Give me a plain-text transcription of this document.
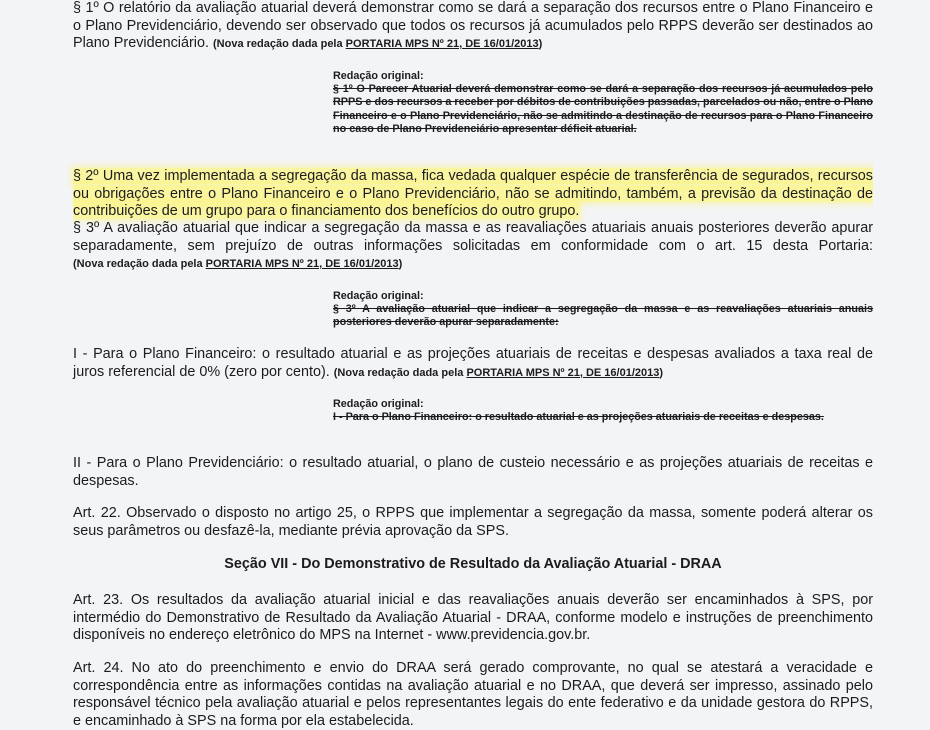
§ 1º O relatório da avaliação atuarial deverá demonstrar como se dará a separação dos recursos entre o Plano Financeiro e o Plano Previdenciário, devendo ser observado que todos os recursos já acumulados pelo RPPS deverão ser destinados ao Plano Previdenciário. (Nova redação dada pela PORTARIA MPS Nº 21, DE 16/01/2013)

Redação original:
§ 1º O Parecer Atuarial deverá demonstrar como se dará a separação dos recursos já acumulados pelo RPPS e dos recursos a receber por débitos de contribuições passadas, parcelados ou não, entre o Plano Financeiro e o Plano Previdenciário, não se admitindo a destinação de recursos para o Plano Financeiro no caso de Plano Previdenciário apresentar déficit atuarial.

§ 2º Uma vez implementada a segregação da massa, fica vedada qualquer espécie de transferência de segurados, recursos ou obrigações entre o Plano Financeiro e o Plano Previdenciário, não se admitindo, também, a previsão da destinação de contribuições de um grupo para o financiamento dos benefícios do outro grupo.

§ 3º A avaliação atuarial que indicar a segregação da massa e as reavaliações atuariais anuais posteriores deverão apurar separadamente, sem prejuízo de outras informações solicitadas em conformidade com o art. 15 desta Portaria: (Nova redação dada pela PORTARIA MPS Nº 21, DE 16/01/2013)

Redação original:
§ 3º A avaliação atuarial que indicar a segregação da massa e as reavaliações atuariais anuais posteriores deverão apurar separadamente:

I - Para o Plano Financeiro: o resultado atuarial e as projeções atuariais de receitas e despesas avaliados a taxa real de juros referencial de 0% (zero por cento). (Nova redação dada pela PORTARIA MPS Nº 21, DE 16/01/2013)

Redação original:
I - Para o Plano Financeiro: o resultado atuarial e as projeções atuariais de receitas e despesas.

II - Para o Plano Previdenciário: o resultado atuarial, o plano de custeio necessário e as projeções atuariais de receitas e despesas.

Art. 22. Observado o disposto no artigo 25, o RPPS que implementar a segregação da massa, somente poderá alterar os seus parâmetros ou desfazê-la, mediante prévia aprovação da SPS.

Seção VII - Do Demonstrativo de Resultado da Avaliação Atuarial - DRAA

Art. 23. Os resultados da avaliação atuarial inicial e das reavaliações anuais deverão ser encaminhados à SPS, por intermédio do Demonstrativo de Resultado da Avaliação Atuarial - DRAA, conforme modelo e instruções de preenchimento disponíveis no endereço eletrônico do MPS na Internet - www.previdencia.gov.br.

Art. 24. No ato do preenchimento e envio do DRAA será gerado comprovante, no qual se atestará a veracidade e correspondência entre as informações contidas na avaliação atuarial e no DRAA, que deverá ser impresso, assinado pelo responsável técnico pela avaliação atuarial e pelos representantes legais do ente federativo e da unidade gestora do RPPS, e encaminhado à SPS na forma por ela estabelecida.
